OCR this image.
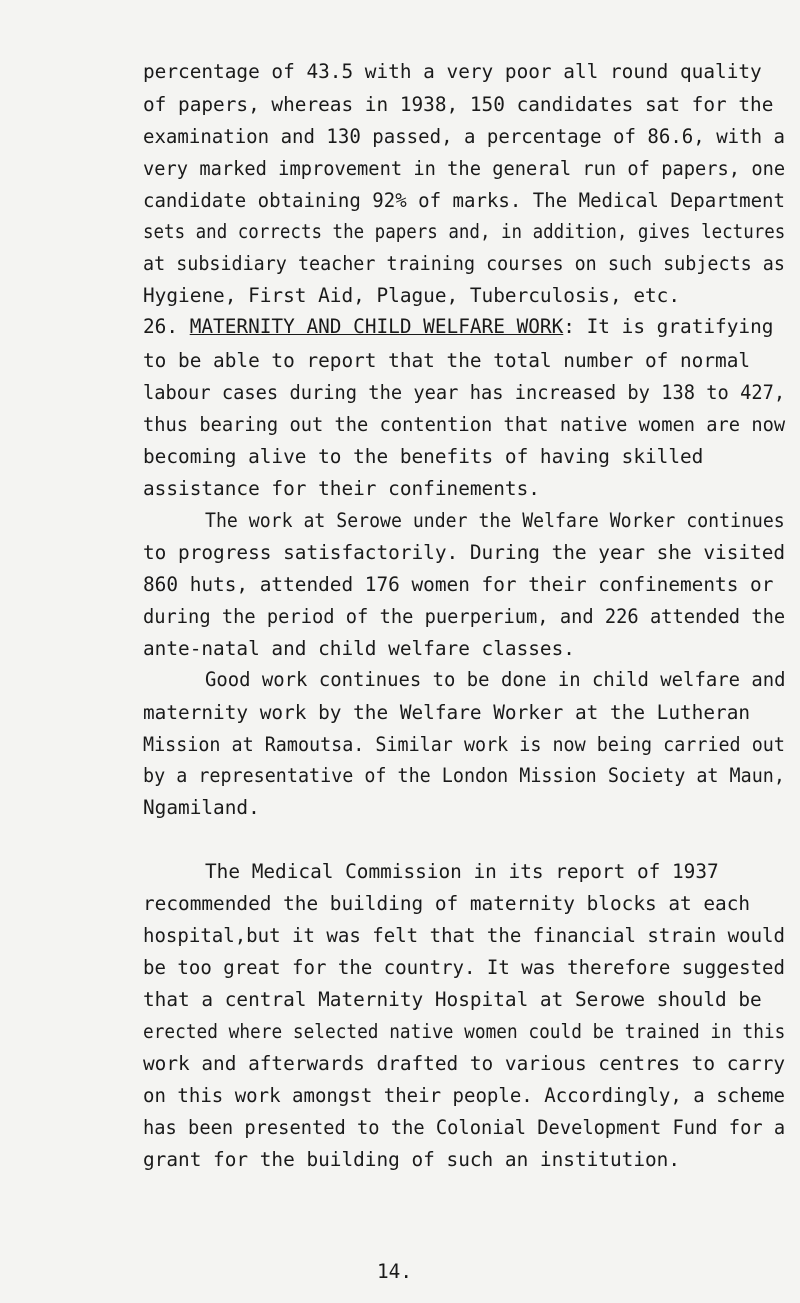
percentage of 43.5 with a very poor all round quality
of papers, whereas in 1938, 150 candidates sat for the
examination and 130 passed, a percentage of 86.6, with a
very marked improvement in the general run of papers, one
candidate obtaining 92% of marks. The Medical Department
sets and corrects the papers and, in addition, gives lectures
at subsidiary teacher training courses on such subjects as
Hygiene, First Aid, Plague, Tuberculosis, etc.
26. MATERNITY AND CHILD WELFARE WORK: It is gratifying
to be able to report that the total number of normal
labour cases during the year has increased by 138 to 427,
thus bearing out the contention that native women are now
becoming alive to the benefits of having skilled
assistance for their confinements.
The work at Serowe under the Welfare Worker continues
to progress satisfactorily. During the year she visited
860 huts, attended 176 women for their confinements or
during the period of the puerperium, and 226 attended the
ante-natal and child welfare classes.
Good work continues to be done in child welfare and
maternity work by the Welfare Worker at the Lutheran
Mission at Ramoutsa. Similar work is now being carried out
by a representative of the London Mission Society at Maun,
Ngamiland.
The Medical Commission in its report of 1937
recommended the building of maternity blocks at each
hospital,but it was felt that the financial strain would
be too great for the country. It was therefore suggested
that a central Maternity Hospital at Serowe should be
erected where selected native women could be trained in this
work and afterwards drafted to various centres to carry
on this work amongst their people. Accordingly, a scheme
has been presented to the Colonial Development Fund for a
grant for the building of such an institution.
14.
